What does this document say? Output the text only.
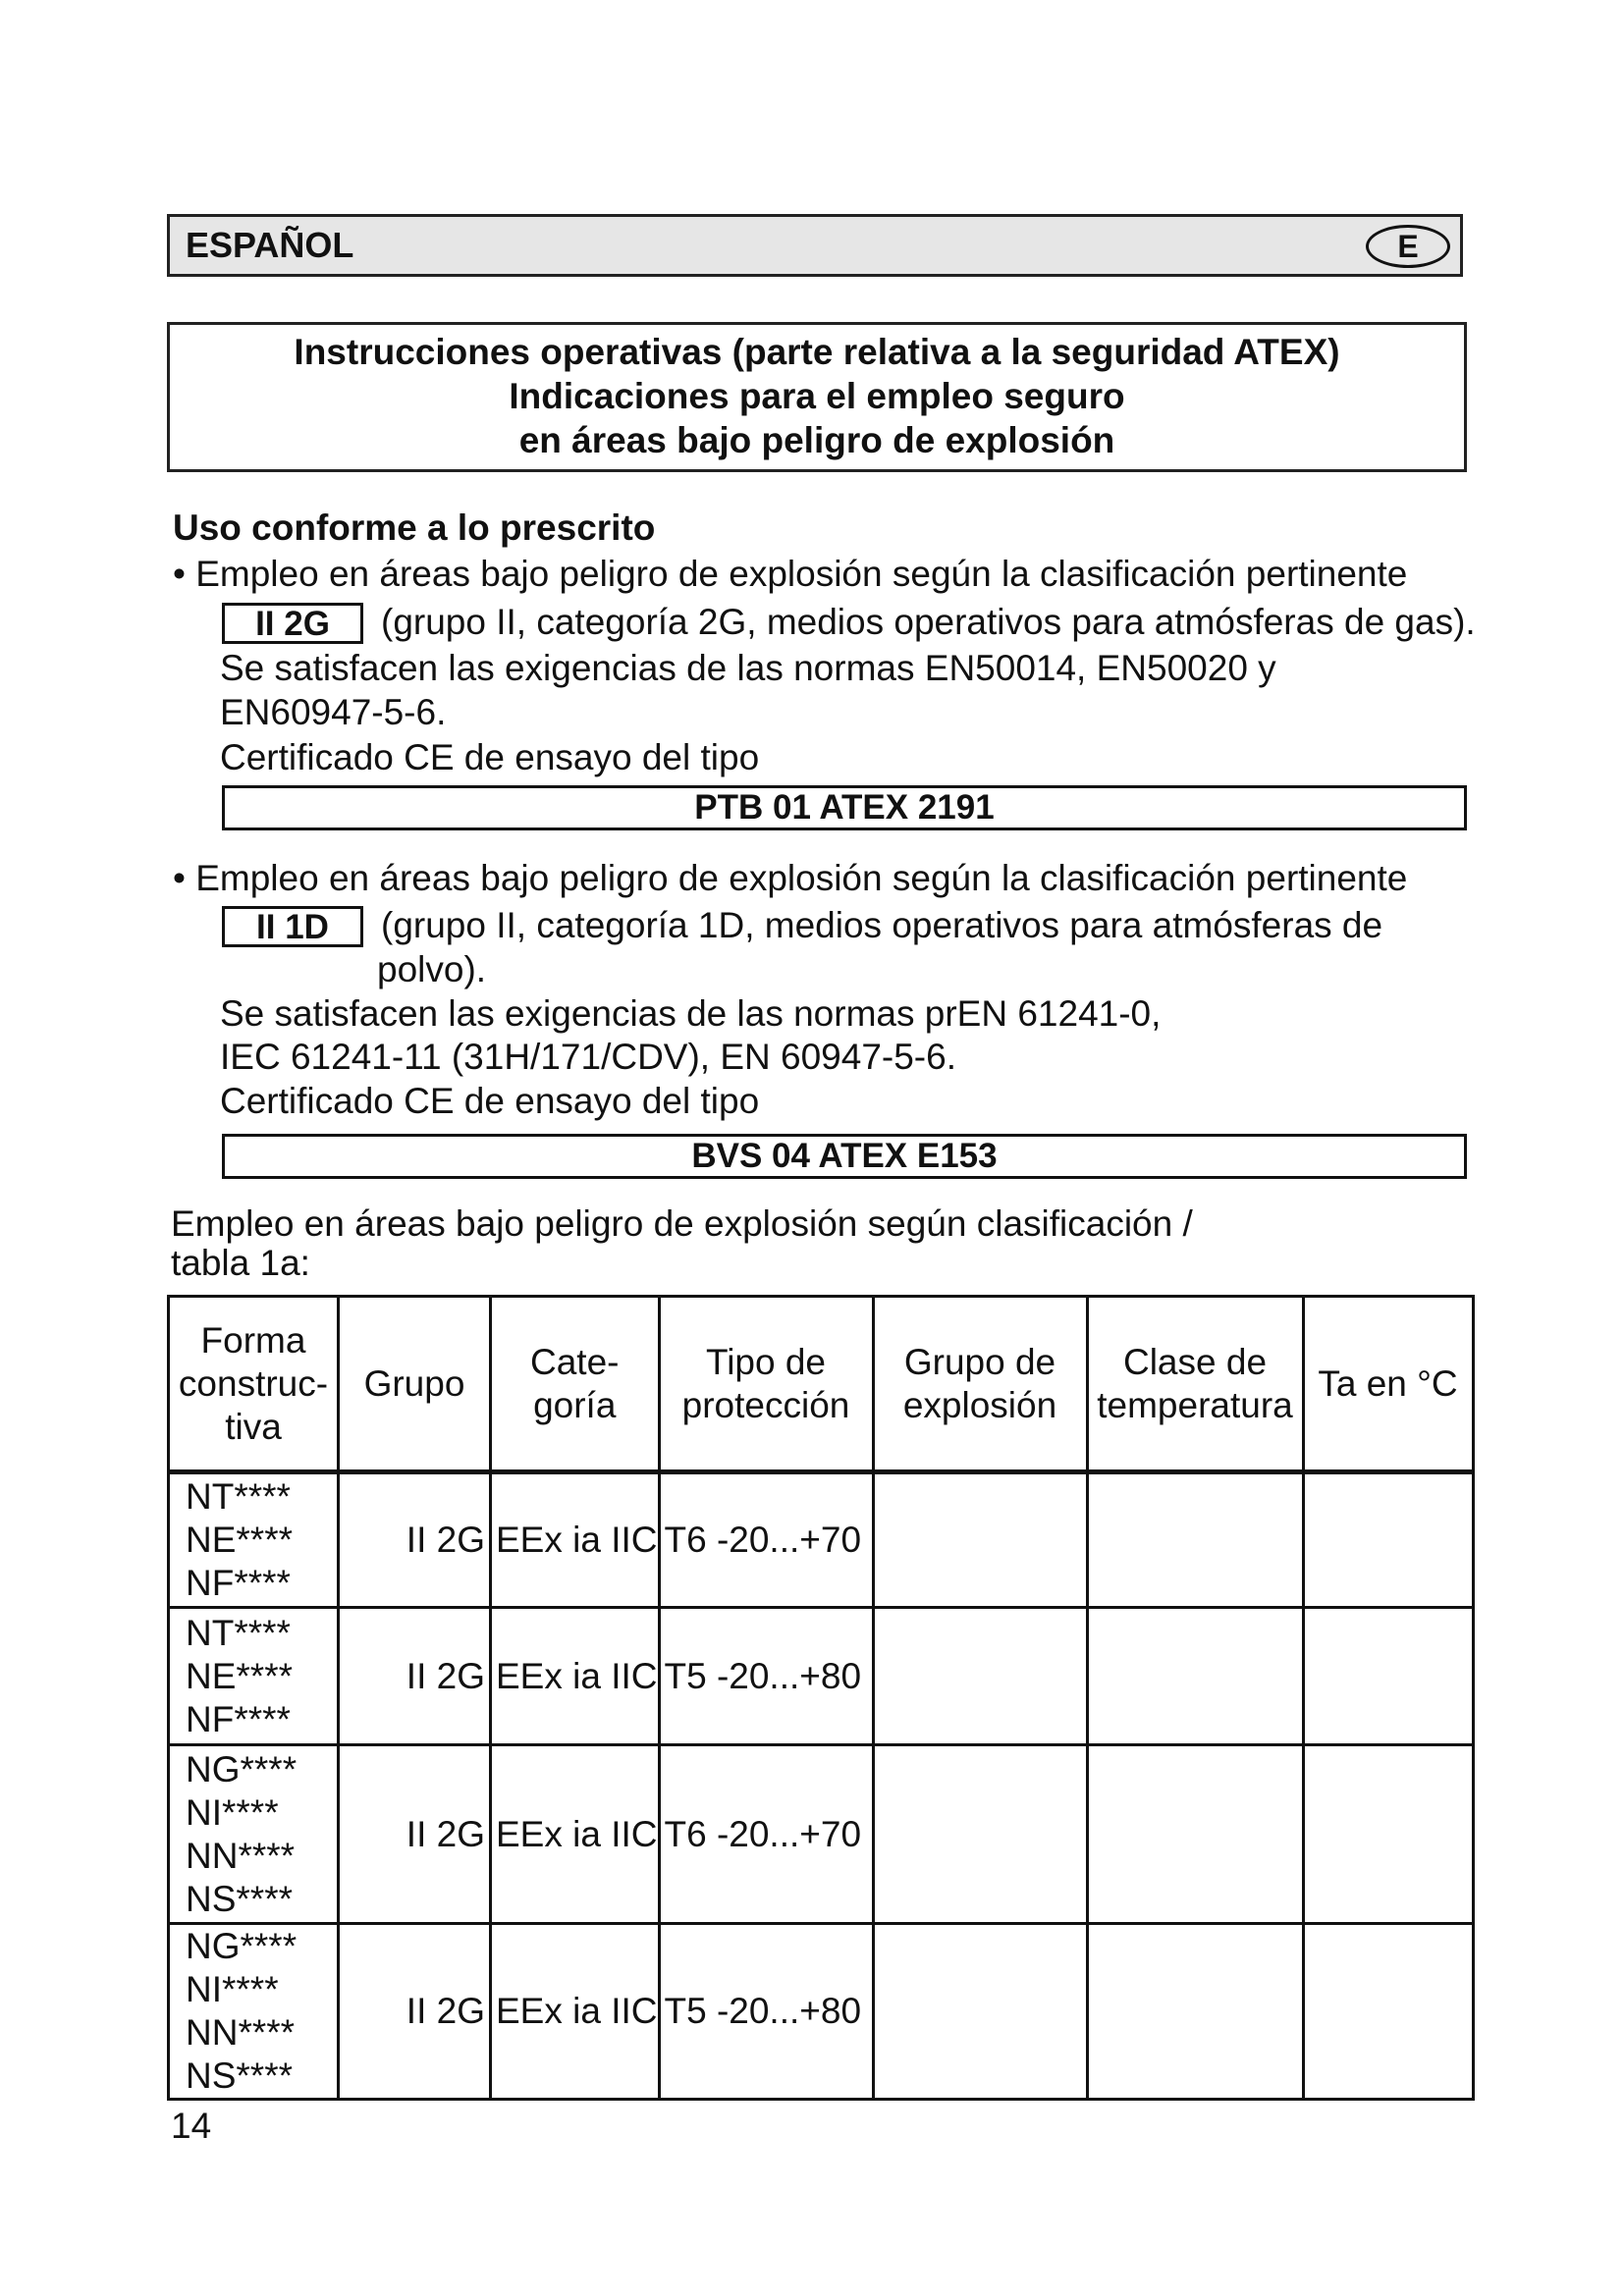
ESPAÑOL	E
Instrucciones operativas (parte relativa a la seguridad ATEX)
Indicaciones para el empleo seguro
en áreas bajo peligro de explosión
Uso conforme a lo prescrito
• Empleo en áreas bajo peligro de explosión según la clasificación pertinente
II 2G	(grupo II, categoría 2G, medios operativos para atmósferas de gas).
Se satisfacen las exigencias de las normas EN50014, EN50020 y
EN60947-5-6.
Certificado CE de ensayo del tipo
PTB 01 ATEX 2191
• Empleo en áreas bajo peligro de explosión según la clasificación pertinente
II 1D	(grupo II, categoría 1D, medios operativos para atmósferas de
polvo).
Se satisfacen las exigencias de las normas prEN 61241-0,
IEC 61241-11 (31H/171/CDV), EN 60947-5-6.
Certificado CE de ensayo del tipo
BVS 04 ATEX E153
Empleo en áreas bajo peligro de explosión según clasificación /
tabla 1a:
Forma construc- tiva	Grupo	Cate- goría	Tipo de protección	Grupo de explosión	Clase de temperatura	Ta en °C

NT****
NE****
NF****	II 2G	EEx ia IIC	T6 -20...+70			

NT****
NE****
NF****	II 2G	EEx ia IIC	T5 -20...+80			

NG****
NI****
NN****
NS****	II 2G	EEx ia IIC	T6 -20...+70			

NG****
NI****
NN****
NS****	II 2G	EEx ia IIC	T5 -20...+80			
14
